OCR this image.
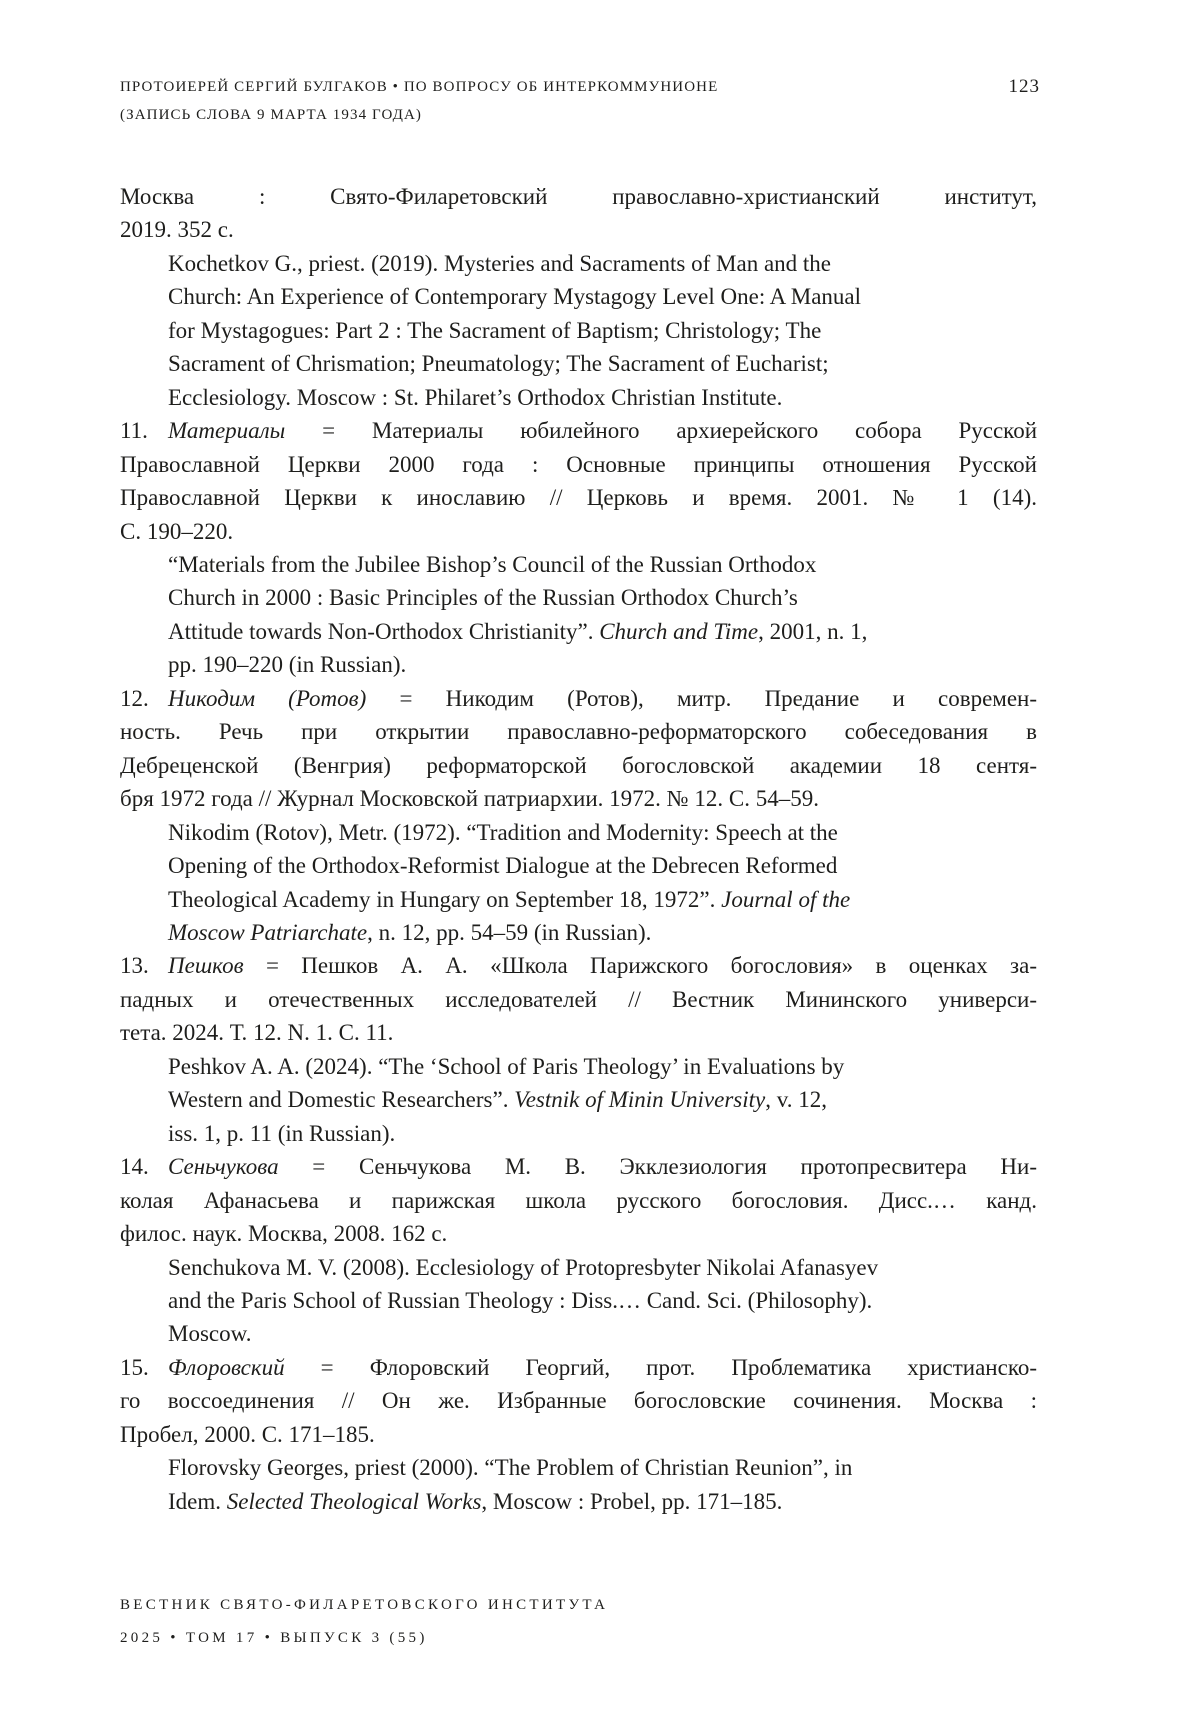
ПРОТОИЕРЕЙ СЕРГИЙ БУЛГАКОВ • ПО ВОПРОСУ ОБ ИНТЕРКОММУНИОНЕ
(ЗАПИСЬ СЛОВА 9 МАРТА 1934 ГОДА)
123
Москва : Свято-Филаретовский православно-христианский институт,
2019. 352 с.
Kochetkov G., priest. (2019). Mysteries and Sacraments of Man and the
Church: An Experience of Contemporary Mystagogy Level One: A Manual
for Mystagogues: Part 2 : The Sacrament of Baptism; Christology; The
Sacrament of Chrismation; Pneumatology; The Sacrament of Eucharist;
Ecclesiology. Moscow : St. Philaret’s Orthodox Christian Institute.
11. Материалы = Материалы юбилейного архиерейского собора Русской
Православной Церкви 2000 года : Основные принципы отношения Русской
Православной Церкви к инославию // Церковь и время. 2001. № 1 (14).
С. 190–220.
“Materials from the Jubilee Bishop’s Council of the Russian Orthodox
Church in 2000 : Basic Principles of the Russian Orthodox Church’s
Attitude towards Non-Orthodox Christianity”. Church and Time, 2001, n. 1,
pp. 190–220 (in Russian).
12. Никодим (Ротов) = Никодим (Ротов), митр. Предание и современ-
ность. Речь при открытии православно-реформаторского собеседования в
Дебреценской (Венгрия) реформаторской богословской академии 18 сентя-
бря 1972 года // Журнал Московской патриархии. 1972. № 12. С. 54–59.
Nikodim (Rotov), Metr. (1972). “Tradition and Modernity: Speech at the
Opening of the Orthodox-Reformist Dialogue at the Debrecen Reformed
Theological Academy in Hungary on September 18, 1972”. Journal of the
Moscow Patriarchate, n. 12, pp. 54–59 (in Russian).
13. Пешков = Пешков А. А. «Школа Парижского богословия» в оценках за-
падных и отечественных исследователей // Вестник Мининского универси-
тета. 2024. Т. 12. N. 1. С. 11.
Peshkov A. A. (2024). “The ‘School of Paris Theology’ in Evaluations by
Western and Domestic Researchers”. Vestnik of Minin University, v. 12,
iss. 1, p. 11 (in Russian).
14. Сеньчукова = Сеньчукова М. В. Экклезиология протопресвитера Ни-
колая Афанасьева и парижская школа русского богословия. Дисс.… канд.
филос. наук. Москва, 2008. 162 с.
Senchukova M. V. (2008). Ecclesiology of Protopresbyter Nikolai Afanasyev
and the Paris School of Russian Theology : Diss.… Cand. Sci. (Philosophy).
Moscow.
15. Флоровский = Флоровский Георгий, прот. Проблематика христианско-
го воссоединения // Он же. Избранные богословские сочинения. Москва :
Пробел, 2000. С. 171–185.
Florovsky Georges, priest (2000). “The Problem of Christian Reunion”, in
Idem. Selected Theological Works, Moscow : Probel, pp. 171–185.
ВЕСТНИК СВЯТО-ФИЛАРЕТОВСКОГО ИНСТИТУТА
2025 • ТОМ 17 • ВЫПУСК 3 (55)
